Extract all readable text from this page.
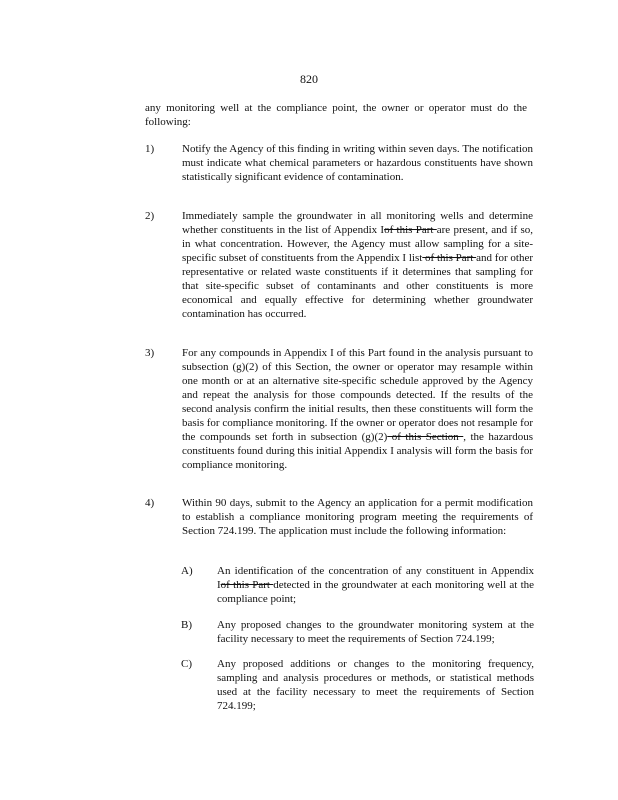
820

any monitoring well at the compliance point, the owner or operator must do the following:

1)	Notify the Agency of this finding in writing within seven days. The notification must indicate what chemical parameters or hazardous constituents have shown statistically significant evidence of contamination.

2)	Immediately sample the groundwater in all monitoring wells and determine whether constituents in the list of Appendix Iof this Part are present, and if so, in what concentration. However, the Agency must allow sampling for a site-specific subset of constituents from the Appendix I list of this Part and for other representative or related waste constituents if it determines that sampling for that site-specific subset of contaminants and other constituents is more economical and equally effective for determining whether groundwater contamination has occurred.

3)	For any compounds in Appendix I of this Part found in the analysis pursuant to subsection (g)(2) of this Section, the owner or operator may resample within one month or at an alternative site-specific schedule approved by the Agency and repeat the analysis for those compounds detected. If the results of the second analysis confirm the initial results, then these constituents will form the basis for compliance monitoring. If the owner or operator does not resample for the compounds set forth in subsection (g)(2) of this Section , the hazardous constituents found during this initial Appendix I analysis will form the basis for compliance monitoring.

4)	Within 90 days, submit to the Agency an application for a permit modification to establish a compliance monitoring program meeting the requirements of Section 724.199. The application must include the following information:

A) An identification of the concentration of any constituent in Appendix Iof this Part detected in the groundwater at each monitoring well at the compliance point;

B) Any proposed changes to the groundwater monitoring system at the facility necessary to meet the requirements of Section 724.199;

C) Any proposed additions or changes to the monitoring frequency, sampling and analysis procedures or methods, or statistical methods used at the facility necessary to meet the requirements of Section 724.199;
